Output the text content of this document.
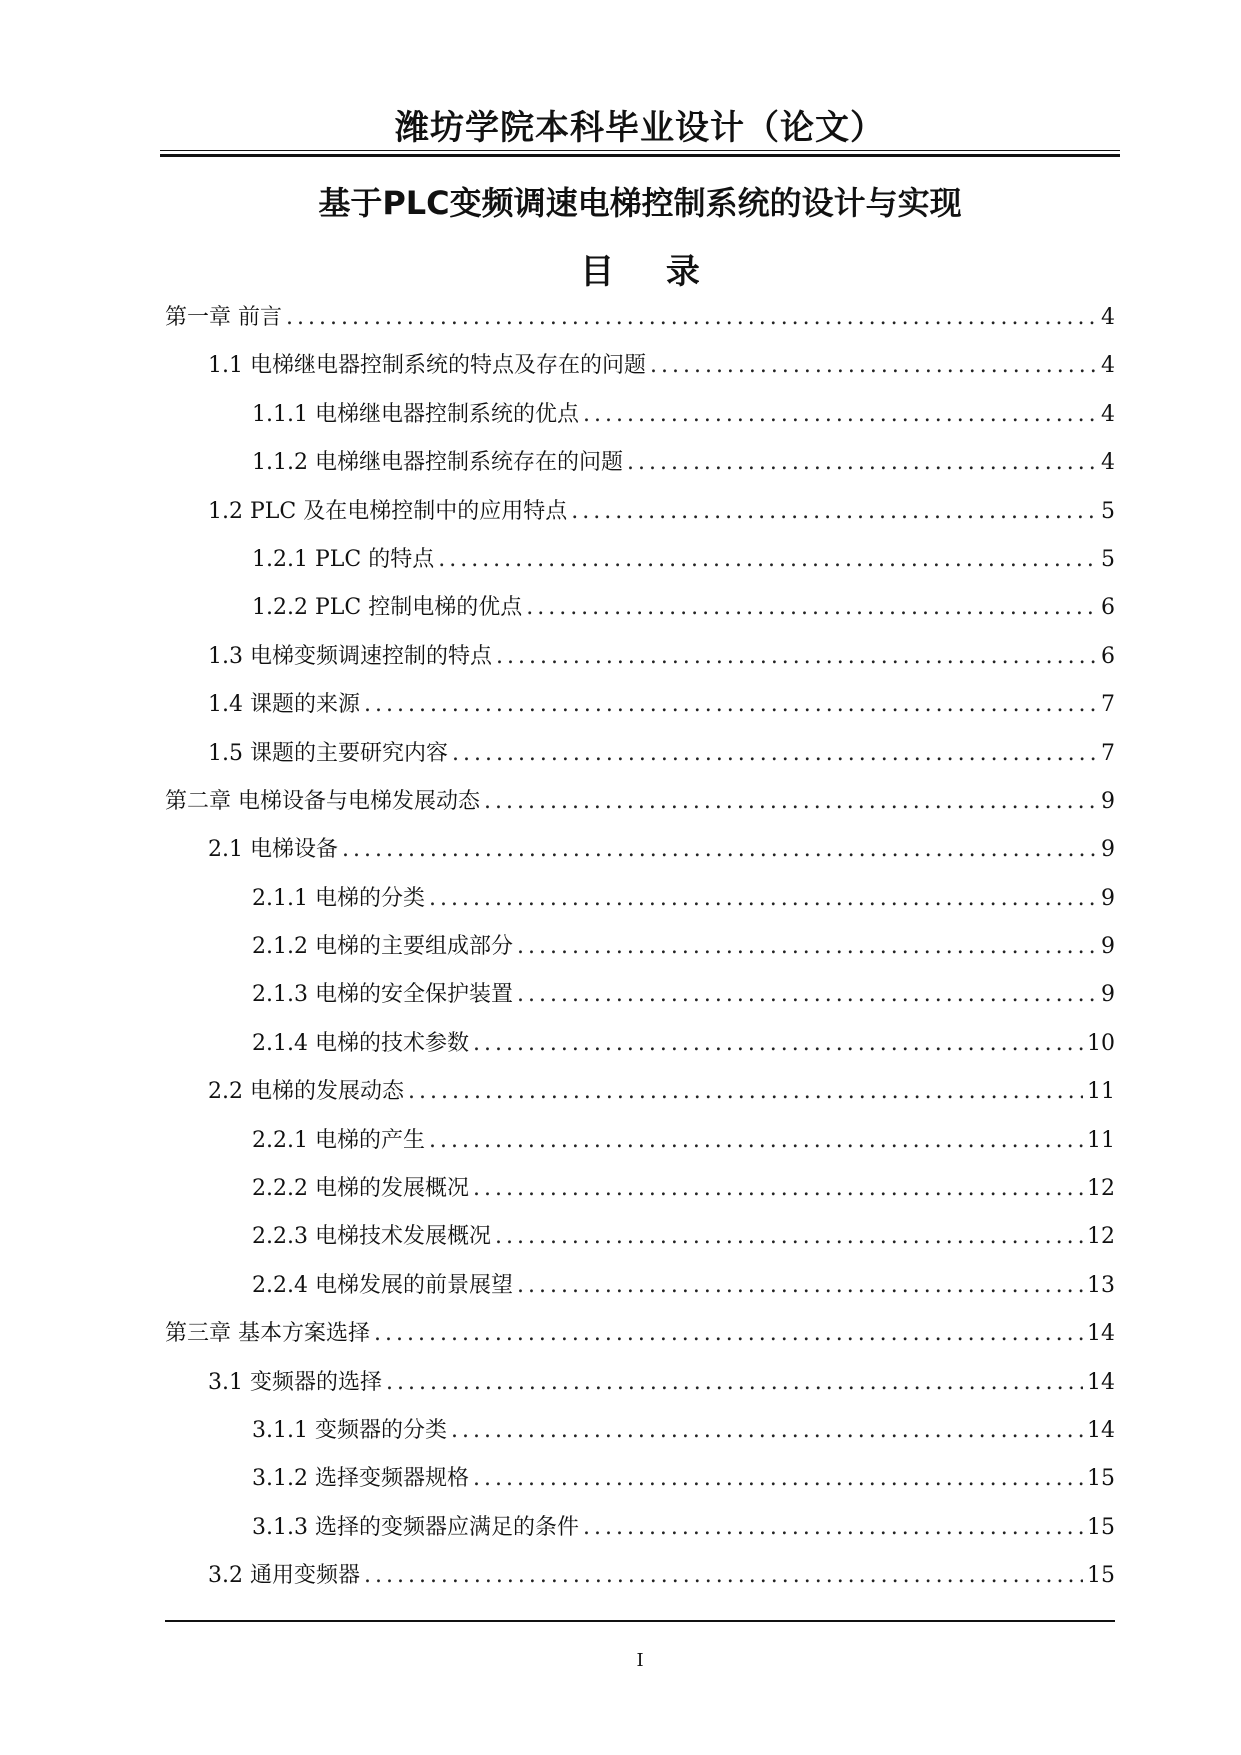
潍坊学院本科毕业设计（论文）
基于PLC变频调速电梯控制系统的设计与实现
目 录
第一章 前言 .....	4
1.1 电梯继电器控制系统的特点及存在的问题 .....	4
1.1.1 电梯继电器控制系统的优点 .....	4
1.1.2 电梯继电器控制系统存在的问题 .....	4
1.2 PLC 及在电梯控制中的应用特点 .....	5
1.2.1 PLC 的特点 .....	5
1.2.2 PLC 控制电梯的优点 .....	6
1.3 电梯变频调速控制的特点 .....	6
1.4 课题的来源 .....	7
1.5 课题的主要研究内容 .....	7
第二章 电梯设备与电梯发展动态 .....	9
2.1 电梯设备 .....	9
2.1.1 电梯的分类 .....	9
2.1.2 电梯的主要组成部分 .....	9
2.1.3 电梯的安全保护装置 .....	9
2.1.4 电梯的技术参数 .....	10
2.2 电梯的发展动态 .....	11
2.2.1 电梯的产生 .....	11
2.2.2 电梯的发展概况 .....	12
2.2.3 电梯技术发展概况 .....	12
2.2.4 电梯发展的前景展望 .....	13
第三章 基本方案选择 .....	14
3.1 变频器的选择 .....	14
3.1.1 变频器的分类 .....	14
3.1.2 选择变频器规格 .....	15
3.1.3 选择的变频器应满足的条件 .....	15
3.2 通用变频器 .....	15
I
